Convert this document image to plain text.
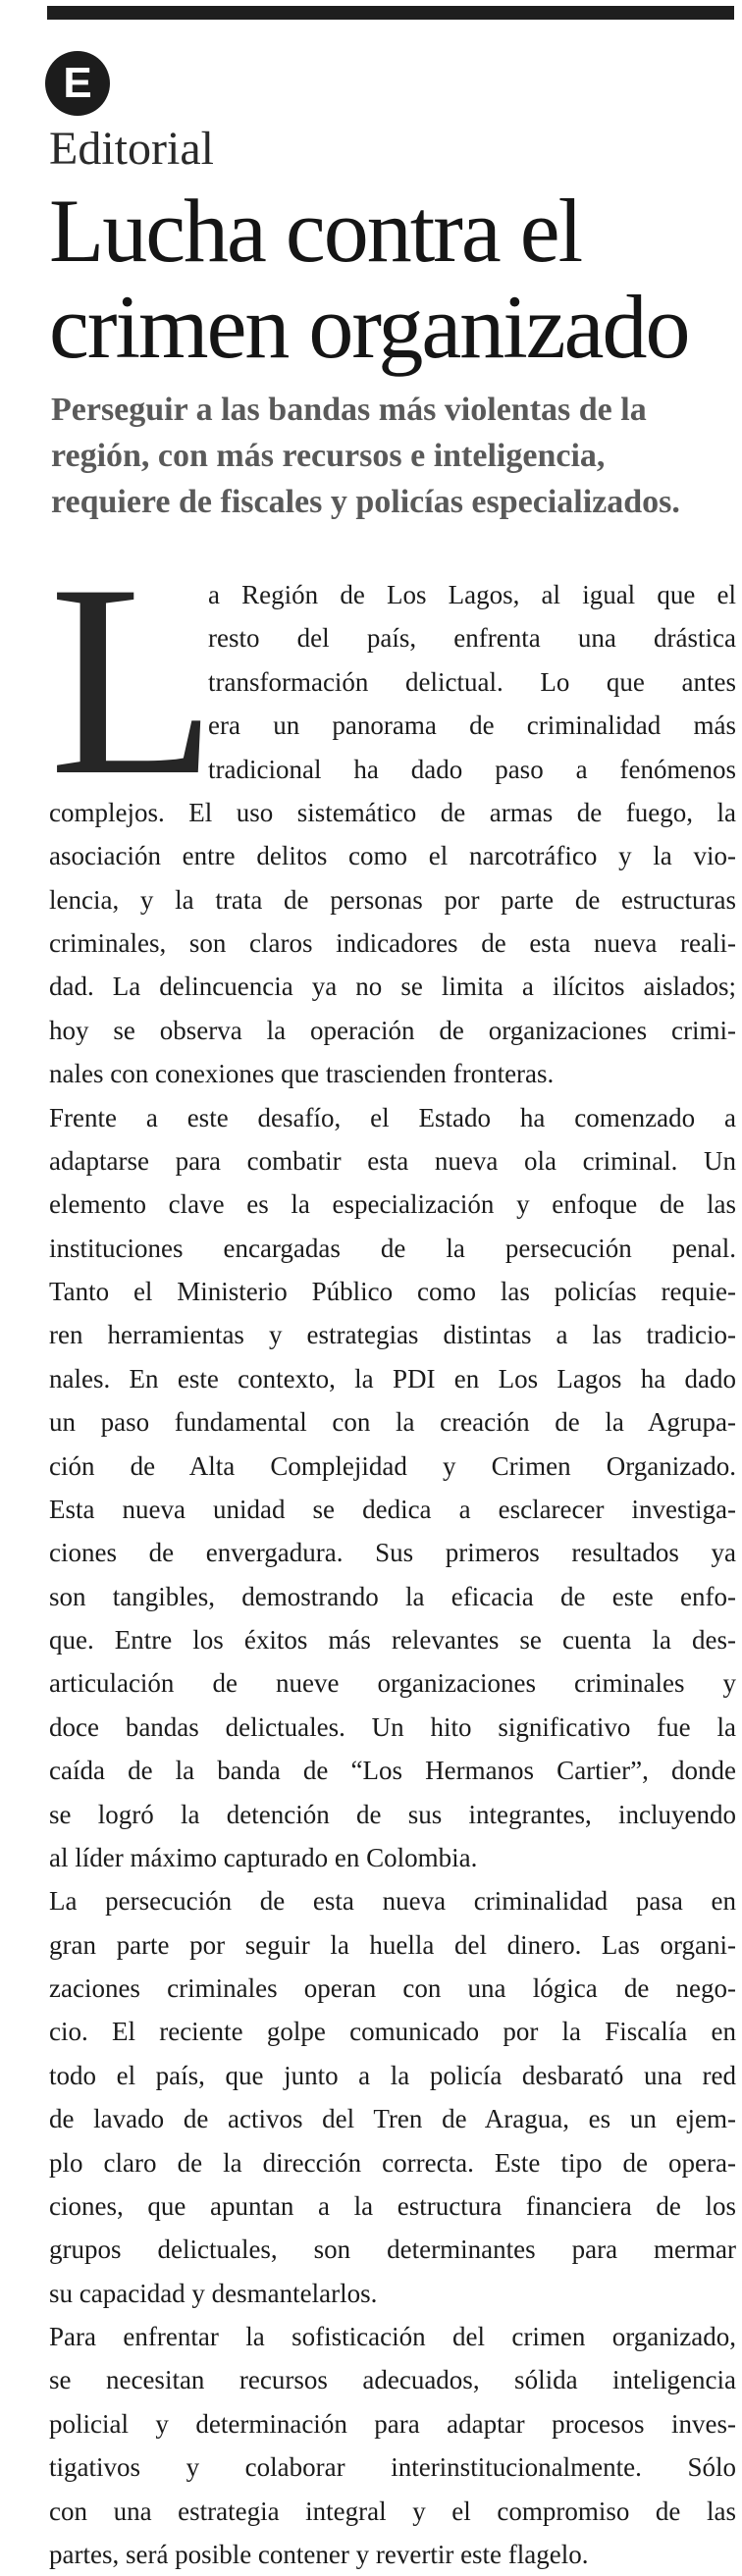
E
Editorial
Lucha contra el
crimen organizado
Perseguir a las bandas más violentas de la
región, con más recursos e inteligencia,
requiere de fiscales y policías especializados.
L
a Región de Los Lagos, al igual que el
resto del país, enfrenta una drástica
transformación delictual. Lo que antes
era un panorama de criminalidad más
tradicional ha dado paso a fenómenos
complejos. El uso sistemático de armas de fuego, la
asociación entre delitos como el narcotráfico y la vio-
lencia, y la trata de personas por parte de estructuras
criminales, son claros indicadores de esta nueva reali-
dad. La delincuencia ya no se limita a ilícitos aislados;
hoy se observa la operación de organizaciones crimi-
nales con conexiones que trascienden fronteras.
Frente a este desafío, el Estado ha comenzado a
adaptarse para combatir esta nueva ola criminal. Un
elemento clave es la especialización y enfoque de las
instituciones encargadas de la persecución penal.
Tanto el Ministerio Público como las policías requie-
ren herramientas y estrategias distintas a las tradicio-
nales. En este contexto, la PDI en Los Lagos ha dado
un paso fundamental con la creación de la Agrupa-
ción de Alta Complejidad y Crimen Organizado.
Esta nueva unidad se dedica a esclarecer investiga-
ciones de envergadura. Sus primeros resultados ya
son tangibles, demostrando la eficacia de este enfo-
que. Entre los éxitos más relevantes se cuenta la des-
articulación de nueve organizaciones criminales y
doce bandas delictuales. Un hito significativo fue la
caída de la banda de “Los Hermanos Cartier”, donde
se logró la detención de sus integrantes, incluyendo
al líder máximo capturado en Colombia.
La persecución de esta nueva criminalidad pasa en
gran parte por seguir la huella del dinero. Las organi-
zaciones criminales operan con una lógica de nego-
cio. El reciente golpe comunicado por la Fiscalía en
todo el país, que junto a la policía desbarató una red
de lavado de activos del Tren de Aragua, es un ejem-
plo claro de la dirección correcta. Este tipo de opera-
ciones, que apuntan a la estructura financiera de los
grupos delictuales, son determinantes para mermar
su capacidad y desmantelarlos.
Para enfrentar la sofisticación del crimen organizado,
se necesitan recursos adecuados, sólida inteligencia
policial y determinación para adaptar procesos inves-
tigativos y colaborar interinstitucionalmente. Sólo
con una estrategia integral y el compromiso de las
partes, será posible contener y revertir este flagelo.
